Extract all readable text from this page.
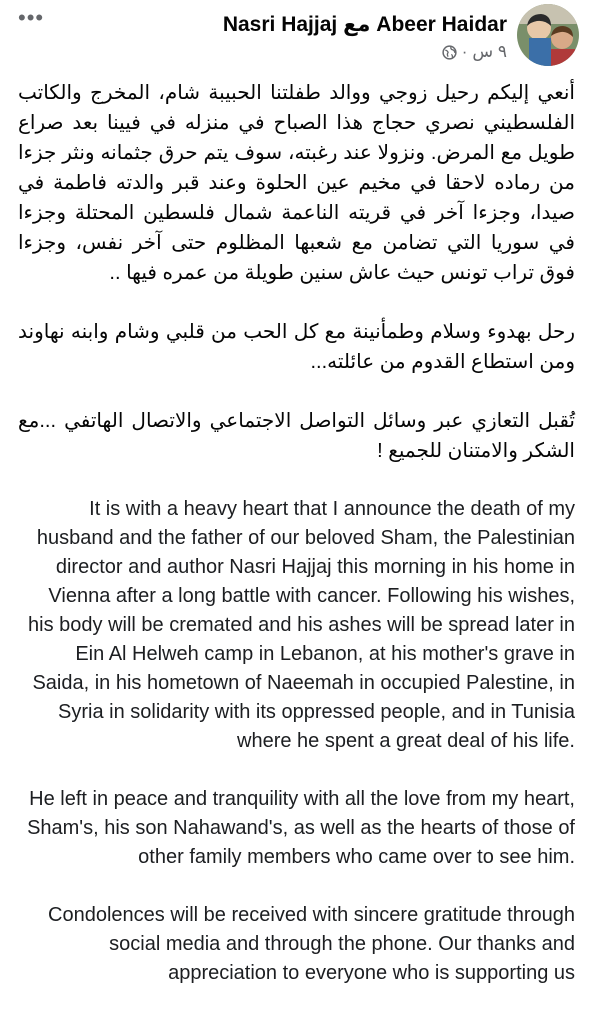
•••	Abeer Haidar مع Nasri Hajjaj
٩ س
·

أنعي إليكم رحيل زوجي ووالد طفلتنا الحبيبة شام، المخرج والكاتب الفلسطيني نصري حجاج هذا الصباح في منزله في فيينا بعد صراع طويل مع المرض. ونزولا عند رغبته، سوف يتم حرق جثمانه ونثر جزءا من رماده لاحقا في مخيم عين الحلوة وعند قبر والدته فاطمة في صيدا، وجزءا آخر في قريته الناعمة شمال فلسطين المحتلة وجزءا في سوريا التي تضامن مع شعبها المظلوم حتى آخر نفس، وجزءا فوق تراب تونس حيث عاش سنين طويلة من عمره فيها ..

رحل بهدوء وسلام وطمأنينة مع كل الحب من قلبي وشام وابنه نهاوند ومن استطاع القدوم من عائلته...

تُقبل التعازي عبر وسائل التواصل الاجتماعي والاتصال الهاتفي ...مع الشكر والامتنان للجميع !

It is with a heavy heart that I announce the death of my husband and the father of our beloved Sham, the Palestinian director and author Nasri Hajjaj this morning in his home in Vienna after a long battle with cancer. Following his wishes, his body will be cremated and his ashes will be spread later in Ein Al Helweh camp in Lebanon, at his mother's grave in Saida, in his hometown of Naeemah in occupied Palestine, in Syria in solidarity with its oppressed people, and in Tunisia where he spent a great deal of his life.

He left in peace and tranquility with all the love from my heart, Sham's, his son Nahawand's, as well as the hearts of those of other family members who came over to see him.

Condolences will be received with sincere gratitude through social media and through the phone. Our thanks and appreciation to everyone who is supporting us
